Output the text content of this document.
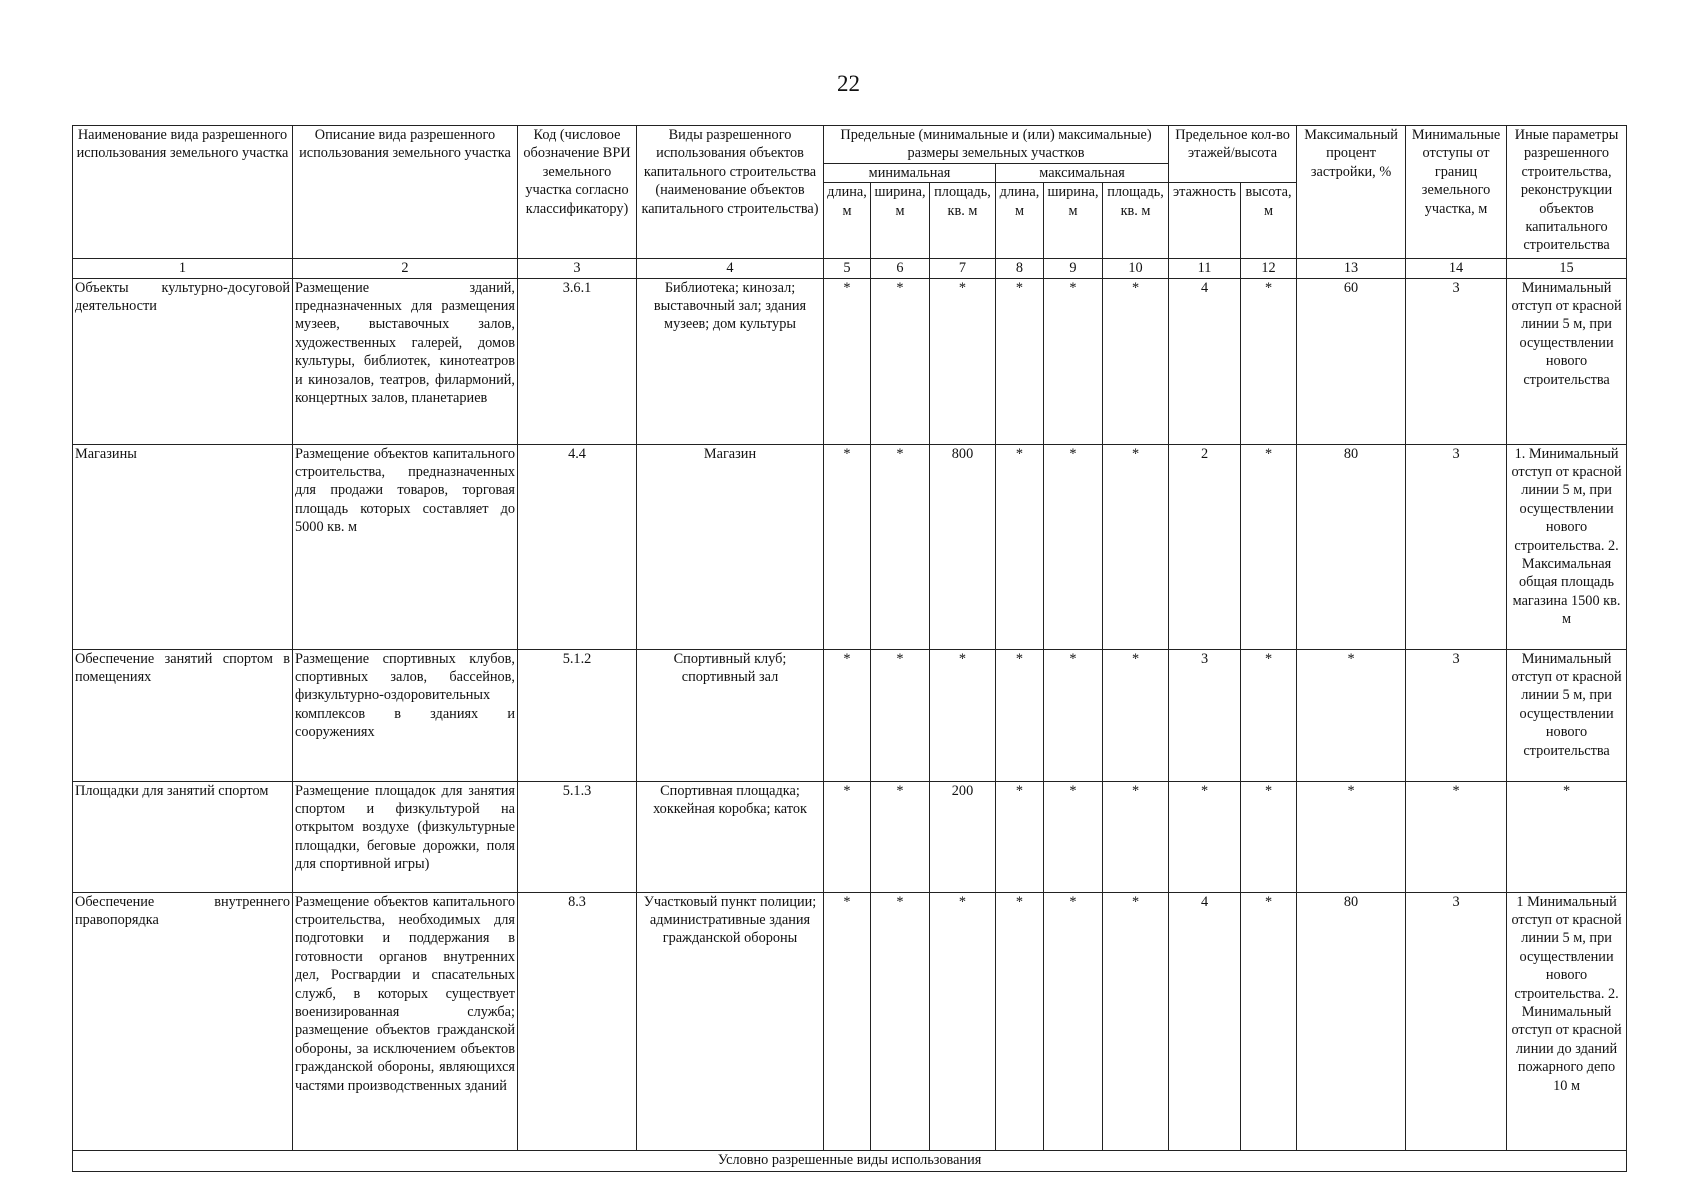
22
Наименование вида разрешенного использования земельного участка	Описание вида разрешенного использования земельного участка	Код (числовое обозначение ВРИ земельного участка согласно классификатору)	Виды разрешенного использования объектов капитального строительства (наименование объектов капитального строительства)	Предельные (минимальные и (или) максимальные) размеры земельных участков						Предельное кол-во этажей/высота		Максимальный процент застройки, %	Минимальные отступы от границ земельного участка, м	Иные параметры разрешенного строительства, реконструкции объектов капитального строительства
				минимальная			максимальная							
				длина, м	ширина, м	площадь, кв. м	длина, м	ширина, м	площадь, кв. м	этажность	высота, м			
1	2	3	4	5	6	7	8	9	10	11	12	13	14	15
Объекты культурно-досуговой деятельности	Размещение зданий, предназначенных для размещения музеев, выставочных залов, художественных галерей, домов культуры, библиотек, кинотеатров и кинозалов, театров, филармоний, концертных залов, планетариев	3.6.1	Библиотека; кинозал; выставочный зал; здания музеев; дом культуры	*	*	*	*	*	*	4	*	60	3	Минимальный отступ от красной линии 5 м, при осуществлении нового строительства
Магазины	Размещение объектов капитального строительства, предназначенных для продажи товаров, торговая площадь которых составляет до 5000 кв. м	4.4	Магазин	*	*	800	*	*	*	2	*	80	3	1. Минимальный отступ от красной линии 5 м, при осуществлении нового строительства. 2. Максимальная общая площадь магазина 1500 кв. м
Обеспечение занятий спортом в помещениях	Размещение спортивных клубов, спортивных залов, бассейнов, физкультурно-оздоровительных комплексов в зданиях и сооружениях	5.1.2	Спортивный клуб; спортивный зал	*	*	*	*	*	*	3	*	*	3	Минимальный отступ от красной линии 5 м, при осуществлении нового строительства
Площадки для занятий спортом	Размещение площадок для занятия спортом и физкультурой на открытом воздухе (физкультурные площадки, беговые дорожки, поля для спортивной игры)	5.1.3	Спортивная площадка; хоккейная коробка; каток	*	*	200	*	*	*	*	*	*	*	*
Обеспечение внутреннего правопорядка	Размещение объектов капитального строительства, необходимых для подготовки и поддержания в готовности органов внутренних дел, Росгвардии и спасательных служб, в которых существует военизированная служба; размещение объектов гражданской обороны, за исключением объектов гражданской обороны, являющихся частями производственных зданий	8.3	Участковый пункт полиции; административные здания гражданской обороны	*	*	*	*	*	*	4	*	80	3	1 Минимальный отступ от красной линии 5 м, при осуществлении нового строительства. 2. Минимальный отступ от красной линии до зданий пожарного депо 10 м
Условно разрешенные виды использования														
